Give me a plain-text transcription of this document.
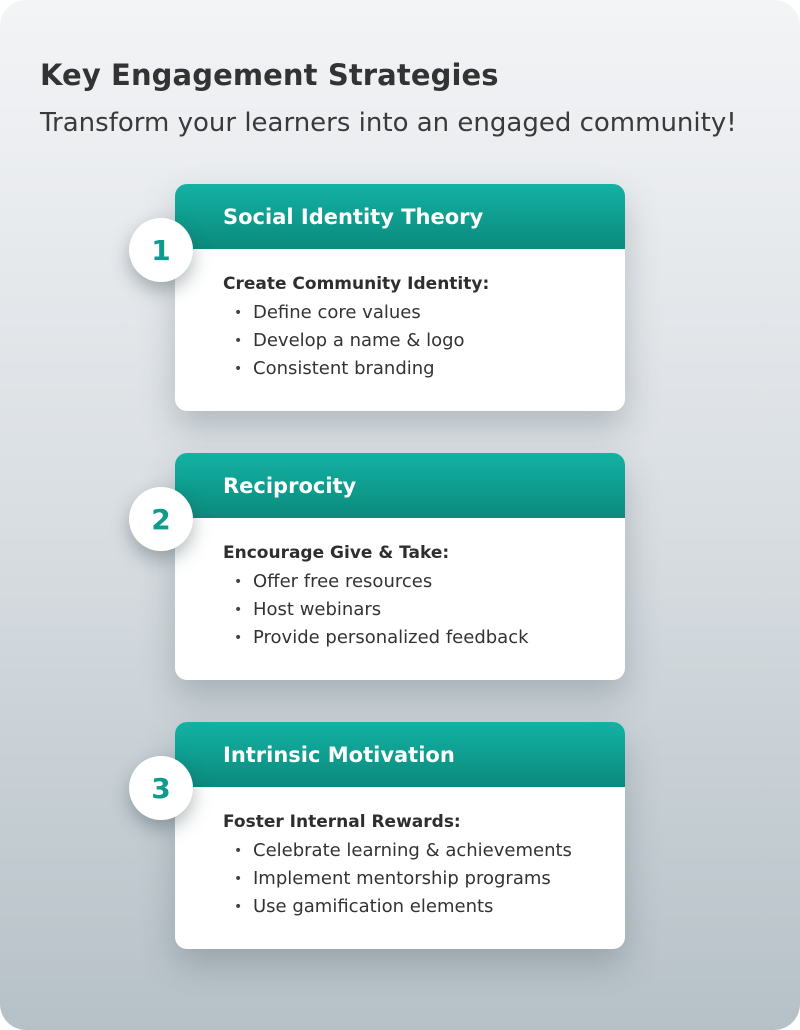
Key Engagement Strategies

Transform your learners into an engaged community!

1
Social Identity Theory

Create Community Identity:

• Define core values
• Develop a name & logo
• Consistent branding
2
Reciprocity

Encourage Give & Take:

• Offer free resources
• Host webinars
• Provide personalized feedback
3
Intrinsic Motivation

Foster Internal Rewards:

• Celebrate learning & achievements
• Implement mentorship programs
• Use gamification elements
